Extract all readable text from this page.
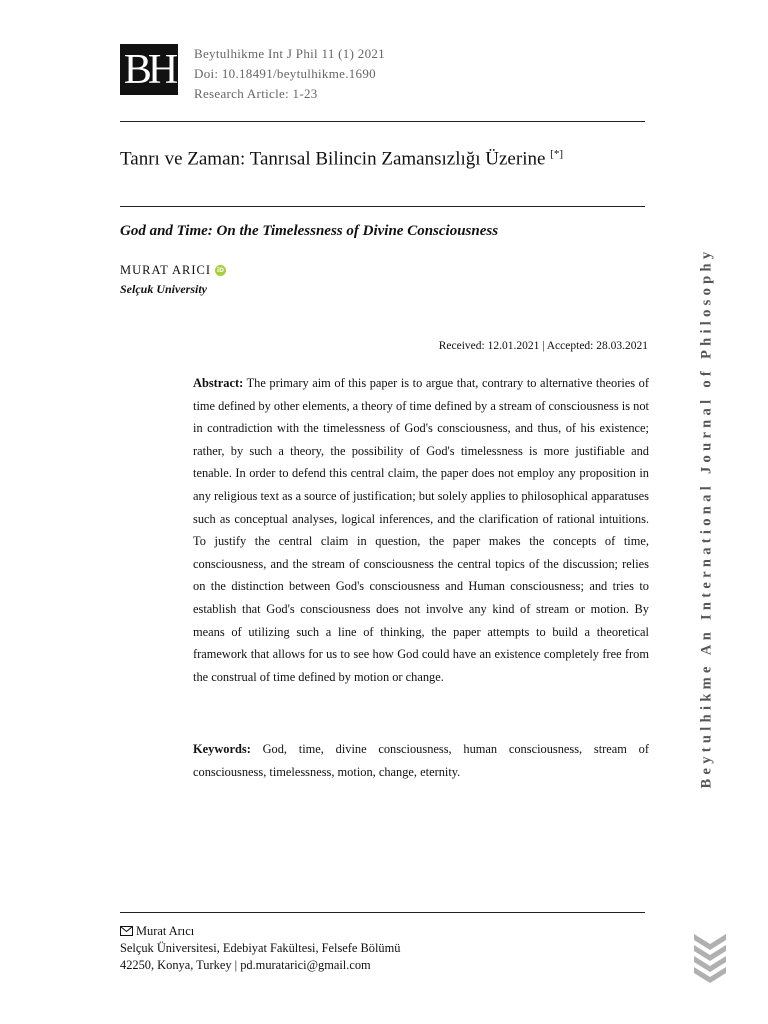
BH Beytulhikme Int J Phil 11 (1) 2021
Doi: 10.18491/beytulhikme.1690
Research Article: 1-23
Tanrı ve Zaman: Tanrısal Bilincin Zamansızlığı Üzerine [*]
God and Time: On the Timelessness of Divine Consciousness
MURAT ARICI iD
Selçuk University
Received: 12.01.2021 | Accepted: 28.03.2021
Abstract: The primary aim of this paper is to argue that, contrary to alternative theories of time defined by other elements, a theory of time defined by a stream of consciousness is not in contradiction with the timelessness of God's consciousness, and thus, of his existence; rather, by such a theory, the possibility of God's timelessness is more justifiable and tenable. In order to defend this central claim, the paper does not employ any proposition in any religious text as a source of justification; but solely applies to philosophical apparatuses such as conceptual analyses, logical inferences, and the clarification of rational intuitions. To justify the central claim in question, the paper makes the concepts of time, consciousness, and the stream of consciousness the central topics of the discussion; relies on the distinction between God's consciousness and Human consciousness; and tries to establish that God's consciousness does not involve any kind of stream or motion. By means of utilizing such a line of thinking, the paper attempts to build a theoretical framework that allows for us to see how God could have an existence completely free from the construal of time defined by motion or change.
Keywords: God, time, divine consciousness, human consciousness, stream of consciousness, timelessness, motion, change, eternity.	Beytulhikme An International Journal of Philosophy
Murat Arıcı
Selçuk Üniversitesi, Edebiyat Fakültesi, Felsefe Bölümü
42250, Konya, Turkey | pd.muratarici@gmail.com
